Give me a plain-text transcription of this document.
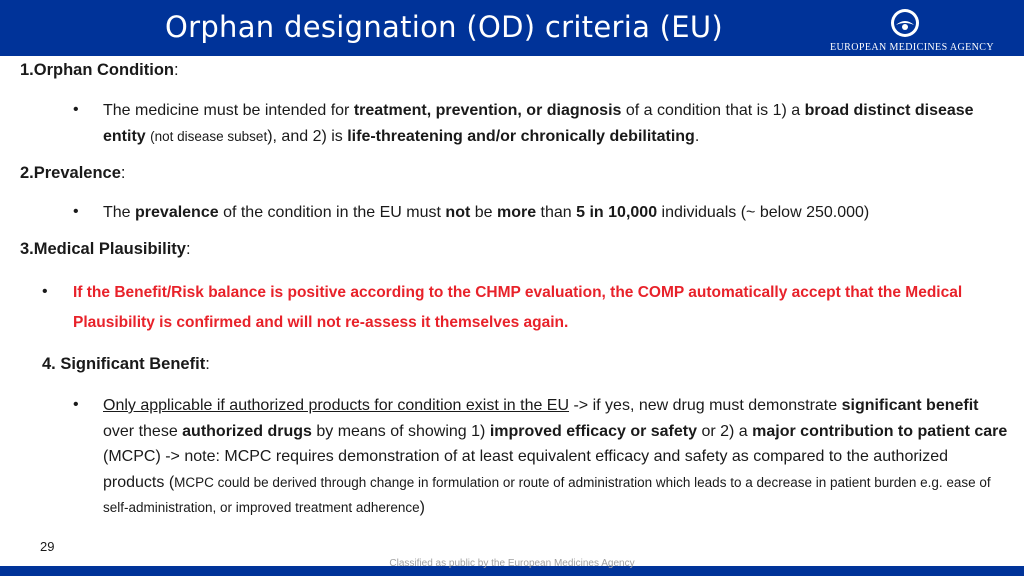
Orphan designation (OD) criteria (EU)
EUROPEAN MEDICINES AGENCY
1.Orphan Condition:
• The medicine must be intended for treatment, prevention, or diagnosis of a condition that is 1) a broad distinct disease entity (not disease subset), and 2) is life-threatening and/or chronically debilitating.
2.Prevalence:
• The prevalence of the condition in the EU must not be more than 5 in 10,000 individuals (~ below 250.000)
3.Medical Plausibility:
• If the Benefit/Risk balance is positive according to the CHMP evaluation, the COMP automatically accept that the Medical Plausibility is confirmed and will not re-assess it themselves again.
4. Significant Benefit:
• Only applicable if authorized products for condition exist in the EU -> if yes, new drug must demonstrate significant benefit over these authorized drugs by means of showing 1) improved efficacy or safety or 2) a major contribution to patient care (MCPC) -> note: MCPC requires demonstration of at least equivalent efficacy and safety as compared to the authorized products (MCPC could be derived through change in formulation or route of administration which leads to a decrease in patient burden e.g. ease of self-administration, or improved treatment adherence)
29
Classified as public by the European Medicines Agency
